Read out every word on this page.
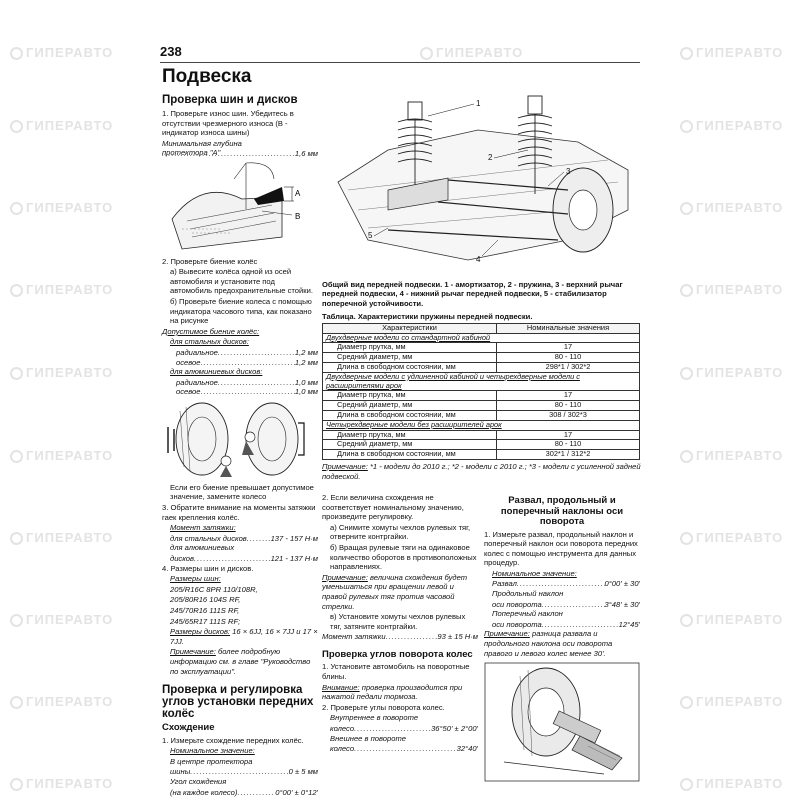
ГИПЕРАВТО	ГИПЕРАВТО	ГИПЕРАВТО
ГИПЕРАВТО	ГИПЕРАВТО
ГИПЕРАВТО	ГИПЕРАВТО
ГИПЕРАВТО	ГИПЕРАВТО
ГИПЕРАВТО	ГИПЕРАВТО
ГИПЕРАВТО	ГИПЕРАВТО
ГИПЕРАВТО	ГИПЕРАВТО
ГИПЕРАВТО	ГИПЕРАВТО
ГИПЕРАВТО	ГИПЕРАВТО
ГИПЕРАВТО	ГИПЕРАВТО
238
Подвеска
Проверка шин и дисков

1. Проверьте износ шин. Убедитесь в отсутствии чрезмерного износа (В - индикатор износа шины)

Минимальная глубина протектора "А" .....	1,6 мм
А
В

2. Проверьте биение колёс

а) Вывесите колёса одной из осей автомобиля и установите под автомобиль предохранительные стойки.

б) Проверьте биение колеса с помощью индикатора часового типа, как показано на рисунке

Допустимое биение колёс:

для стальных дисков:

радиальное .....	1,2 мм
осевое .....	1,2 мм

для алюминиевых дисков:

радиальное .....	1,0 мм
осевое .....	1,0 мм

Если его биение превышает допустимое значение, замените колесо

3. Обратите внимание на моменты затяжки гаек крепления колёс.

Момент затяжки:

для стальных дисков .....	137 - 157 Н·м

для алюминиевых

дисков .....	121 - 137 Н·м

4. Размеры шин и дисков.

Размеры шин:

205/R16C 8PR 110/108R,

205/80R16 104S RF,

245/70R16 111S RF,

245/65R17 111S RF;

Размеры дисков: 16 × 6JJ, 16 × 7JJ и 17 × 7JJ.

Примечание: более подробную информацию см. в главе "Руководство по эксплуатации".

Проверка и регулировка углов установки передних колёс
Схождение

1. Измерьте схождение передних колёс.

Номинальное значение:

В центре протектора

шины .....	0 ± 5 мм

Угол схождения

(на каждое колесо) .....	0°00' ± 0°12'
1
2
3
4
5

Общий вид передней подвески. 1 - амортизатор, 2 - пружина, 3 - верхний рычаг передней подвески, 4 - нижний рычаг передней подвески, 5 - стабилизатор поперечной устойчивости.

Таблица. Характеристики пружины передней подвески.

Характеристики	Номинальные значения
Двухдверные модели со стандартной кабиной	
Диаметр прутка, мм	17
Средний диаметр, мм	80 - 110
Длина в свободном состоянии, мм	298*1 / 302*2
Двухдверные модели с удлиненной кабиной и четырехдверные модели с расширителями арок	
Диаметр прутка, мм	17
Средний диаметр, мм	80 - 110
Длина в свободном состоянии, мм	308 / 302*3
Четырехдверные модели без расширителей арок	
Диаметр прутка, мм	17
Средний диаметр, мм	80 - 110
Длина в свободном состоянии, мм	302*1 / 312*2

Примечание: *1 - модели до 2010 г.; *2 - модели с 2010 г.; *3 - модели с усиленной задней подвеской.

2. Если величина схождения не соответствует номинальному значению, произведите регулировку.

а) Снимите хомуты чехлов рулевых тяг, отверните контргайки.

б) Вращая рулевые тяги на одинаковое количество оборотов в противоположных направлениях.

Примечание: величина схождения будет уменьшаться при вращении левой и правой рулевых тяг против часовой стрелки.

в) Установите хомуты чехлов рулевых тяг, затяните контргайки.

Момент затяжки .....	93 ± 15 Н·м
Проверка углов поворота колес

1. Установите автомобиль на поворотные блины.

Внимание: проверка производится при нажатой педали тормоза.

2. Проверьте углы поворота колес.

Внутреннее в повороте

колесо .....	36°50' ± 2°00'

Внешнее в повороте

колесо .....	32°40'
Развал, продольный и поперечный наклоны оси поворота

1. Измерьте развал, продольный наклон и поперечный наклон оси поворота передних колес с помощью инструмента для данных процедур.

Номинальное значение:

Развал .....	0°00' ± 30'

Продольный наклон

оси поворота .....	3°48' ± 30'

Поперечный наклон

оси поворота .....	12°45'

Примечание: разница развала и продольного наклона оси поворота правого и левого колес менее 30'.
